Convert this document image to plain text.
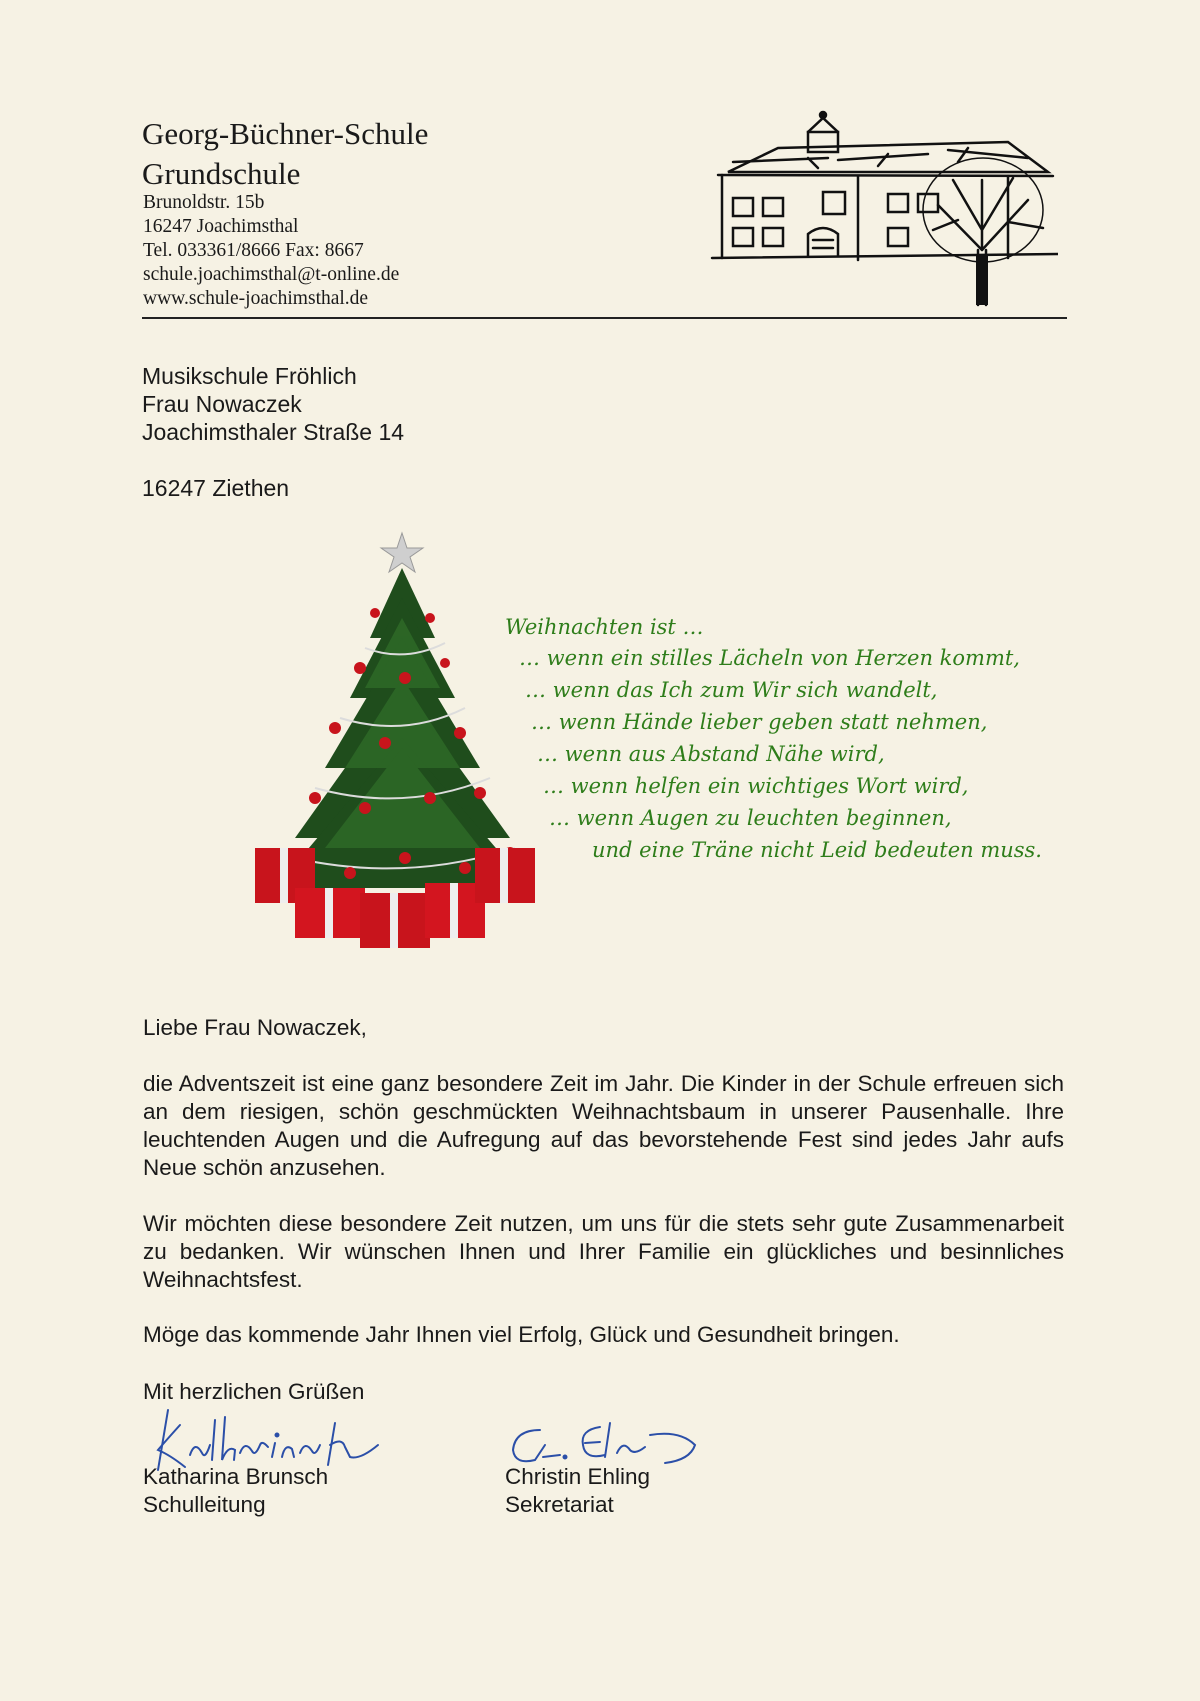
Georg-Büchner-Schule
Grundschule
Brunoldstr. 15b
16247 Joachimsthal
Tel. 033361/8666 Fax: 8667
schule.joachimsthal@t-online.de
www.schule-joachimsthal.de
Musikschule Fröhlich
Frau Nowaczek
Joachimsthaler Straße 14
16247 Ziethen
Weihnachten ist …
… wenn ein stilles Lächeln von Herzen kommt,
… wenn das Ich zum Wir sich wandelt,
… wenn Hände lieber geben statt nehmen,
… wenn aus Abstand Nähe wird,
… wenn helfen ein wichtiges Wort wird,
… wenn Augen zu leuchten beginnen,
und eine Träne nicht Leid bedeuten muss.
Liebe Frau Nowaczek,
die Adventszeit ist eine ganz besondere Zeit im Jahr. Die Kinder in der Schule erfreuen sich an dem riesigen, schön geschmückten Weihnachtsbaum in unserer Pausenhalle. Ihre leuchtenden Augen und die Aufregung auf das bevorstehende Fest sind jedes Jahr aufs Neue schön anzusehen.
Wir möchten diese besondere Zeit nutzen, um uns für die stets sehr gute Zusammenarbeit zu bedanken. Wir wünschen Ihnen und Ihrer Familie ein glückliches und besinnliches Weihnachtsfest.
Möge das kommende Jahr Ihnen viel Erfolg, Glück und Gesundheit bringen.
Mit herzlichen Grüßen
Katharina Brunsch
Schulleitung
Christin Ehling
Sekretariat
